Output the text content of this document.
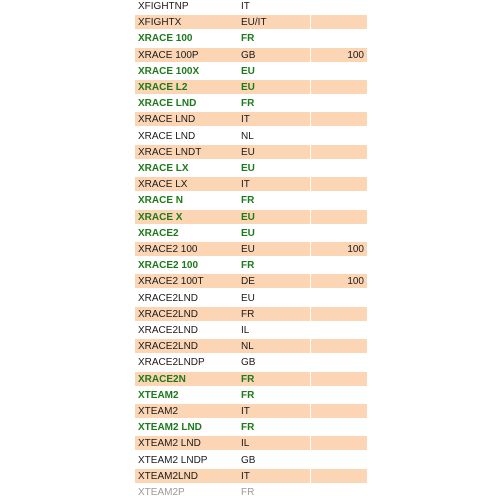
XFIGHTNP	IT
XFIGHTX	EU/IT
XRACE 100	FR
XRACE 100P	GB	100
XRACE 100X	EU
XRACE L2	EU
XRACE LND	FR
XRACE LND	IT
XRACE LND	NL
XRACE LNDT	EU
XRACE LX	EU
XRACE LX	IT
XRACE N	FR
XRACE X	EU
XRACE2	EU
XRACE2 100	EU	100
XRACE2 100	FR
XRACE2 100T	DE	100
XRACE2LND	EU
XRACE2LND	FR
XRACE2LND	IL
XRACE2LND	NL
XRACE2LNDP	GB
XRACE2N	FR
XTEAM2	FR
XTEAM2	IT
XTEAM2 LND	FR
XTEAM2 LND	IL
XTEAM2 LNDP	GB
XTEAM2LND	IT
XTEAM2P	FR
